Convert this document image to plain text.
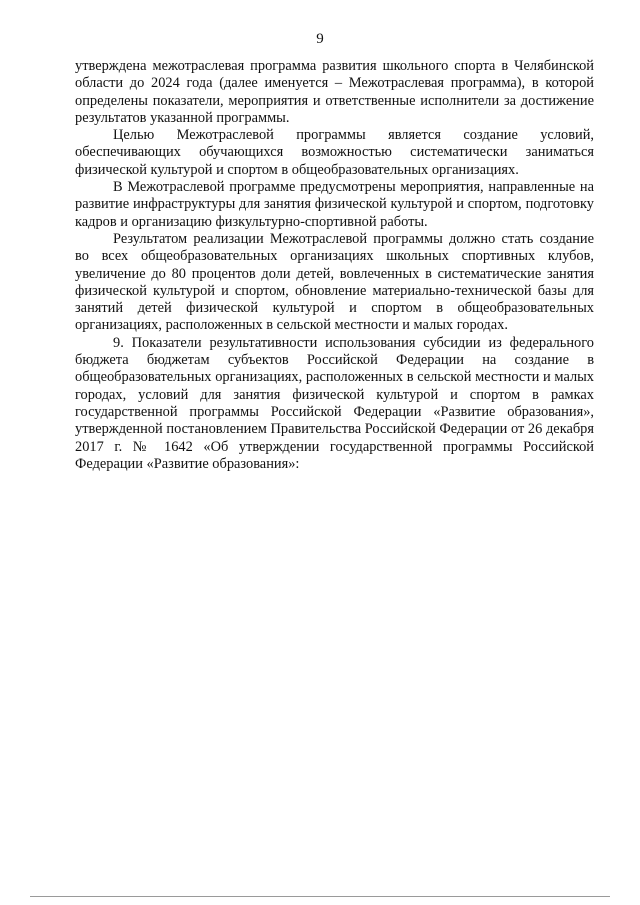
9

утверждена межотраслевая программа развития школьного спорта в Челябинской области до 2024 года (далее именуется – Межотраслевая программа), в которой определены показатели, мероприятия и ответственные исполнители за достижение результатов указанной программы.

Целью Межотраслевой программы является создание условий, обеспечивающих обучающихся возможностью систематически заниматься физической культурой и спортом в общеобразовательных организациях.

В Межотраслевой программе предусмотрены мероприятия, направленные на развитие инфраструктуры для занятия физической культурой и спортом, подготовку кадров и организацию физкультурно-спортивной работы.

Результатом реализации Межотраслевой программы должно стать создание во всех общеобразовательных организациях школьных спортивных клубов, увеличение до 80 процентов доли детей, вовлеченных в систематические занятия физической культурой и спортом, обновление материально-технической базы для занятий детей физической культурой и спортом в общеобразовательных организациях, расположенных в сельской местности и малых городах.

9. Показатели результативности использования субсидии из федерального бюджета бюджетам субъектов Российской Федерации на создание в общеобразовательных организациях, расположенных в сельской местности и малых городах, условий для занятия физической культурой и спортом в рамках государственной программы Российской Федерации «Развитие образования», утвержденной постановлением Правительства Российской Федерации от 26 декабря 2017 г. № 1642 «Об утверждении государственной программы Российской Федерации «Развитие образования»:
